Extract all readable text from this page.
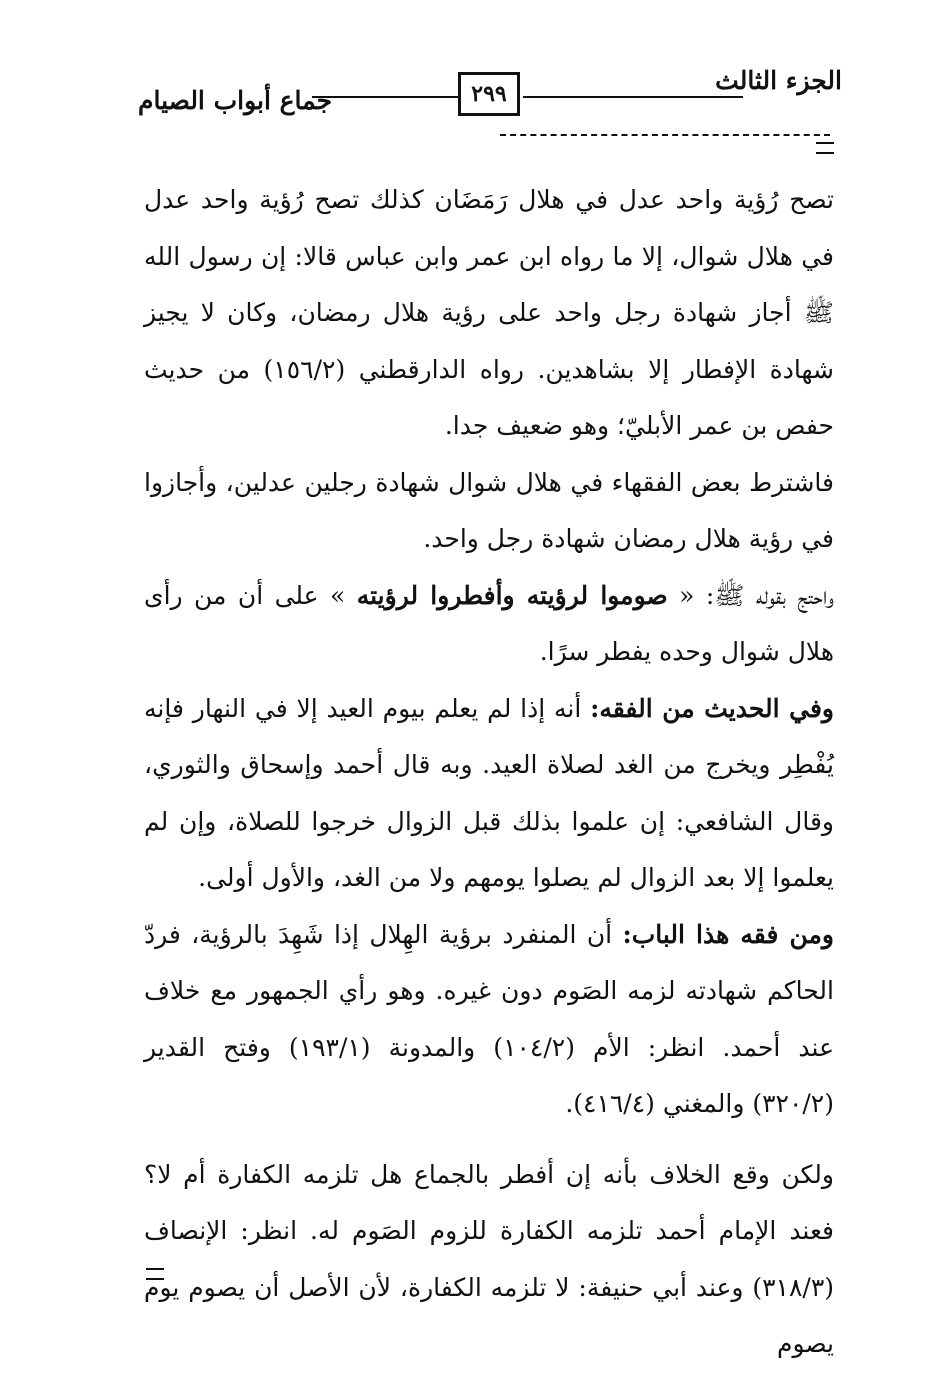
الجزء الثالث
٢٩٩
جماع أبواب الصيام

تصح رُؤية واحد عدل في هلال رَمَضَان كذلك تصح رُؤية واحد عدل في هلال شوال، إلا ما رواه ابن عمر وابن عباس قالا: إن رسول الله ﷺ أجاز شهادة رجل واحد على رؤية هلال رمضان، وكان لا يجيز شهادة الإفطار إلا بشاهدين. رواه الدارقطني (١٥٦/٢) من حديث حفص بن عمر الأبليّ؛ وهو ضعيف جدا.

فاشترط بعض الفقهاء في هلال شوال شهادة رجلين عدلين، وأجازوا في رؤية هلال رمضان شهادة رجل واحد.

واحتج بقوله ﷺ: « صوموا لرؤيته وأفطروا لرؤيته » على أن من رأى هلال شوال وحده يفطر سرًا.

وفي الحديث من الفقه: أنه إذا لم يعلم بيوم العيد إلا في النهار فإنه يُفْطِر ويخرج من الغد لصلاة العيد. وبه قال أحمد وإسحاق والثوري، وقال الشافعي: إن علموا بذلك قبل الزوال خرجوا للصلاة، وإن لم يعلموا إلا بعد الزوال لم يصلوا يومهم ولا من الغد، والأول أولى.

ومن فقه هذا الباب: أن المنفرد برؤية الهِلال إذا شَهِدَ بالرؤية، فردّ الحاكم شهادته لزمه الصَوم دون غيره. وهو رأي الجمهور مع خلاف عند أحمد. انظر: الأم (١٠٤/٢) والمدونة (١٩٣/١) وفتح القدير (٣٢٠/٢) والمغني (٤١٦/٤).

ولكن وقع الخلاف بأنه إن أفطر بالجماع هل تلزمه الكفارة أم لا؟ فعند الإمام أحمد تلزمه الكفارة للزوم الصَوم له. انظر: الإنصاف (٣١٨/٣) وعند أبي حنيفة: لا تلزمه الكفارة، لأن الأصل أن يصوم يوم يصوم
